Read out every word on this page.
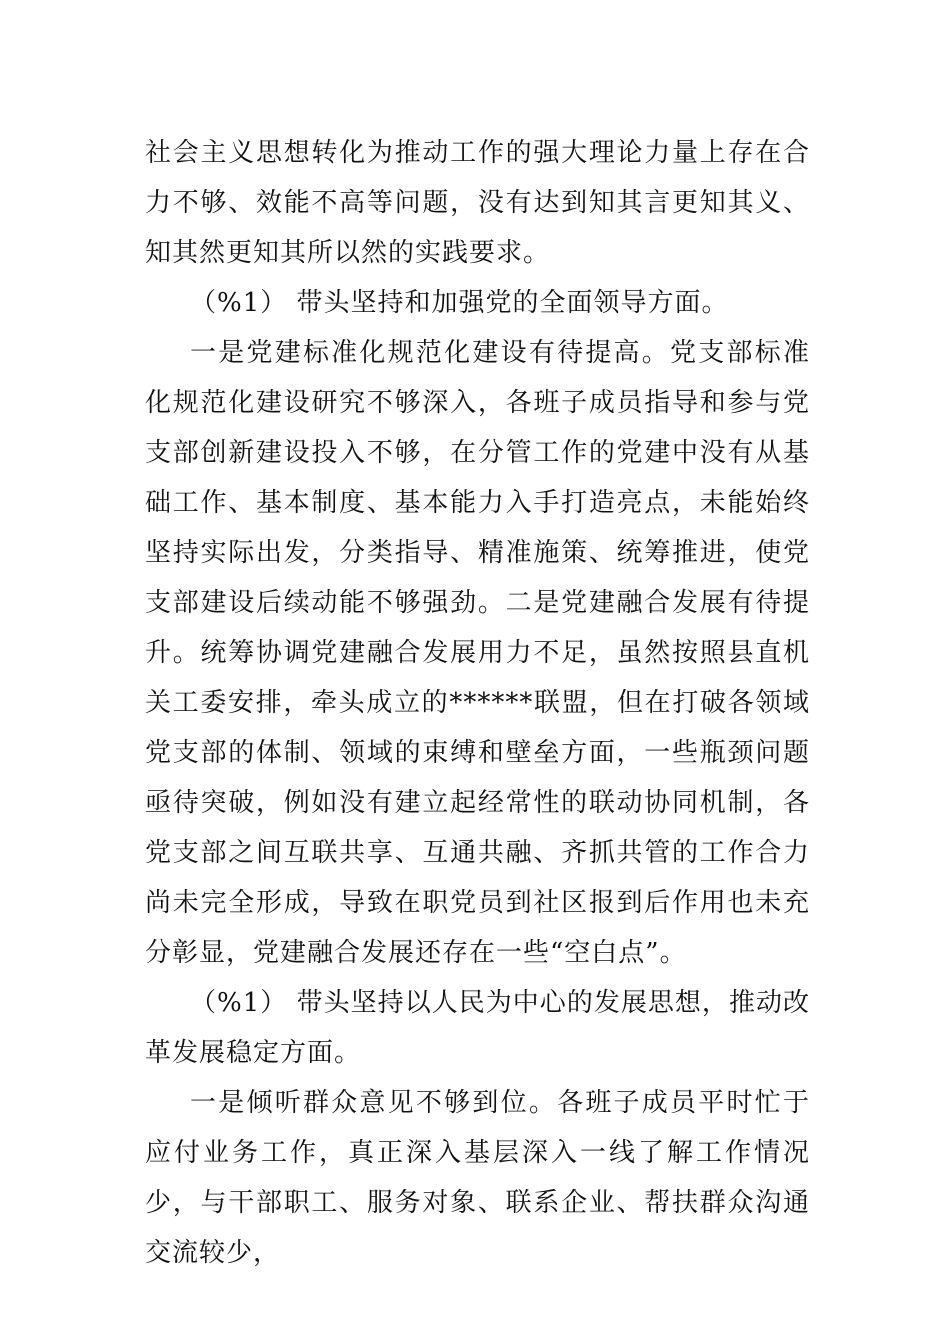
社会主义思想转化为推动工作的强大理论力量上存在合力不够、效能不高等问题，没有达到知其言更知其义、知其然更知其所以然的实践要求。

（%1） 带头坚持和加强党的全面领导方面。

一是党建标准化规范化建设有待提高。党支部标准化规范化建设研究不够深入，各班子成员指导和参与党支部创新建设投入不够，在分管工作的党建中没有从基础工作、基本制度、基本能力入手打造亮点，未能始终坚持实际出发，分类指导、精准施策、统筹推进，使党支部建设后续动能不够强劲。二是党建融合发展有待提升。统筹协调党建融合发展用力不足，虽然按照县直机关工委安排，牵头成立的******联盟，但在打破各领域党支部的体制、领域的束缚和壁垒方面，一些瓶颈问题亟待突破，例如没有建立起经常性的联动协同机制，各党支部之间互联共享、互通共融、齐抓共管的工作合力尚未完全形成，导致在职党员到社区报到后作用也未充分彰显，党建融合发展还存在一些“空白点”。

（%1） 带头坚持以人民为中心的发展思想，推动改革发展稳定方面。

一是倾听群众意见不够到位。各班子成员平时忙于应付业务工作，真正深入基层深入一线了解工作情况少，与干部职工、服务对象、联系企业、帮扶群众沟通交流较少，
